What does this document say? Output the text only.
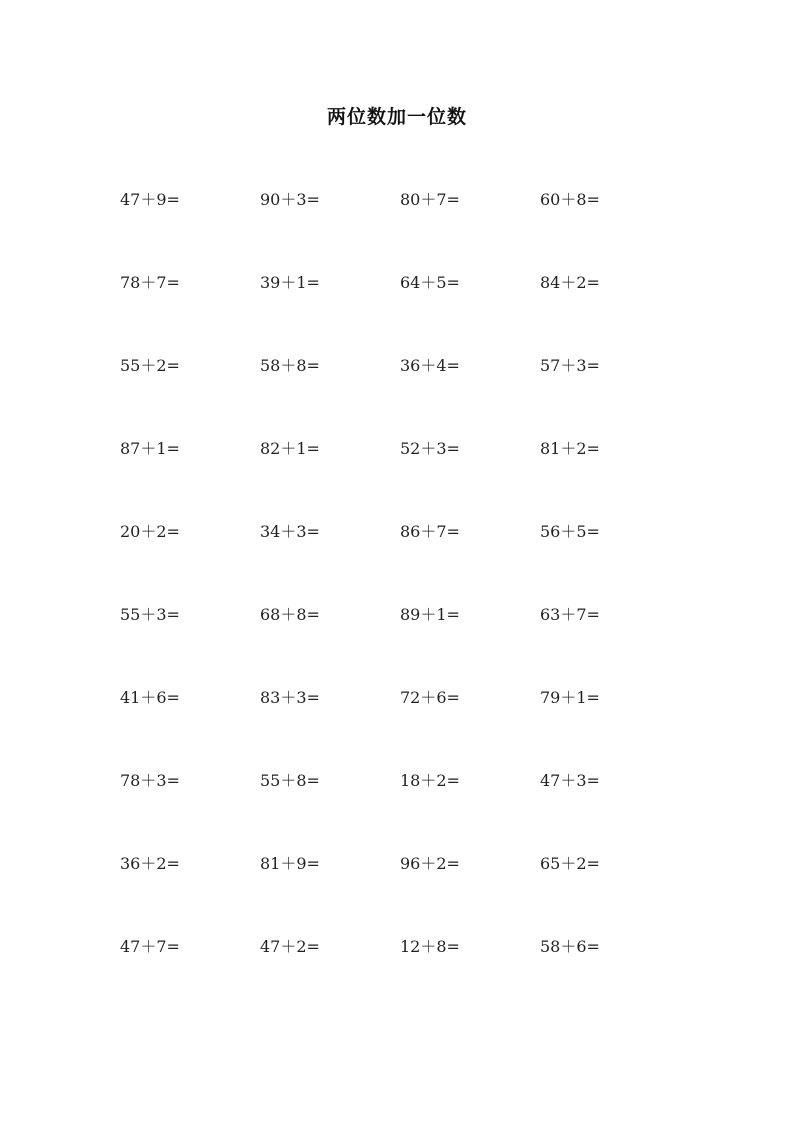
两位数加一位数
47＋9=	90＋3=	80＋7=	60＋8=
78＋7=	39＋1=	64＋5=	84＋2=
55＋2=	58＋8=	36＋4=	57＋3=
87＋1=	82＋1=	52＋3=	81＋2=
20＋2=	34＋3=	86＋7=	56＋5=
55＋3=	68＋8=	89＋1=	63＋7=
41＋6=	83＋3=	72＋6=	79＋1=
78＋3=	55＋8=	18＋2=	47＋3=
36＋2=	81＋9=	96＋2=	65＋2=
47＋7=	47＋2=	12＋8=	58＋6=
